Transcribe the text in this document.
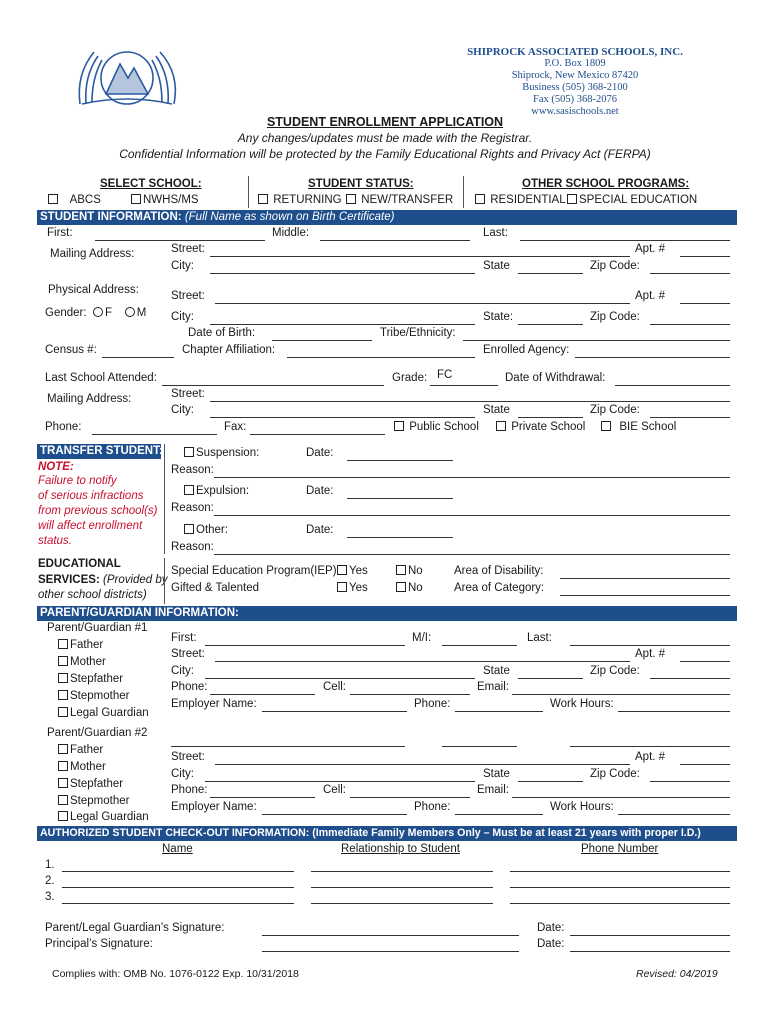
SHIPROCK ASSOCIATED SCHOOLS, INC.
P.O. Box 1809
Shiprock, New Mexico 87420
Business (505) 368-2100
Fax (505) 368-2076
www.sasischools.net
STUDENT ENROLLMENT APPLICATION
Any changes/updates must be made with the Registrar.
Confidential Information will be protected by the Family Educational Rights and Privacy Act (FERPA)
SELECT SCHOOL:
ABCS	NWHS/MS
STUDENT STATUS:
RETURNING	NEW/TRANSFER
OTHER SCHOOL PROGRAMS:
RESIDENTIAL	SPECIAL EDUCATION
STUDENT INFORMATION: (Full Name as shown on Birth Certificate)
First:	Middle:	Last:
Mailing Address:	Street:	Apt. #
City:	State	Zip Code:
Physical Address:	Street:	Apt. #
Gender: F M City:	State:	Zip Code:
Date of Birth:	Tribe/Ethnicity:
Census #:	Chapter Affiliation:	Enrolled Agency:
Last School Attended:	Grade: FC	Date of Withdrawal:
Mailing Address:	Street:
City:	State	Zip Code:
Phone:	Fax:	Public School	Private School	BIE School
TRANSFER STUDENT:
NOTE:
Failure to notify
of serious infractions
from previous school(s)
will affect enrollment
status.
Suspension:	Date:
Reason:
Expulsion:	Date:
Reason:
Other:	Date:
Reason:
EDUCATIONAL
SERVICES: (Provided by
other school districts)
Special Education Program(IEP)	Yes	No	Area of Disability:
Gifted & Talented	Yes	No	Area of Category:
PARENT/GUARDIAN INFORMATION:
Parent/Guardian #1
Father
Mother
Stepfather
Stepmother
Legal Guardian
First:	M/I:	Last:
Street:	Apt. #
City:	State	Zip Code:
Phone:	Cell:	Email:
Employer Name:	Phone:	Work Hours:
Parent/Guardian #2
Father
Mother
Stepfather
Stepmother
Legal Guardian
Street:	Apt. #
City:	State	Zip Code:
Phone:	Cell:	Email:
Employer Name:	Phone:	Work Hours:
AUTHORIZED STUDENT CHECK-OUT INFORMATION: (Immediate Family Members Only – Must be at least 21 years with proper I.D.)
Name	Relationship to Student	Phone Number
1.
2.
3.
Parent/Legal Guardian’s Signature:	Date:
Principal’s Signature:	Date:
Complies with: OMB No. 1076-0122 Exp. 10/31/2018	Revised: 04/2019
